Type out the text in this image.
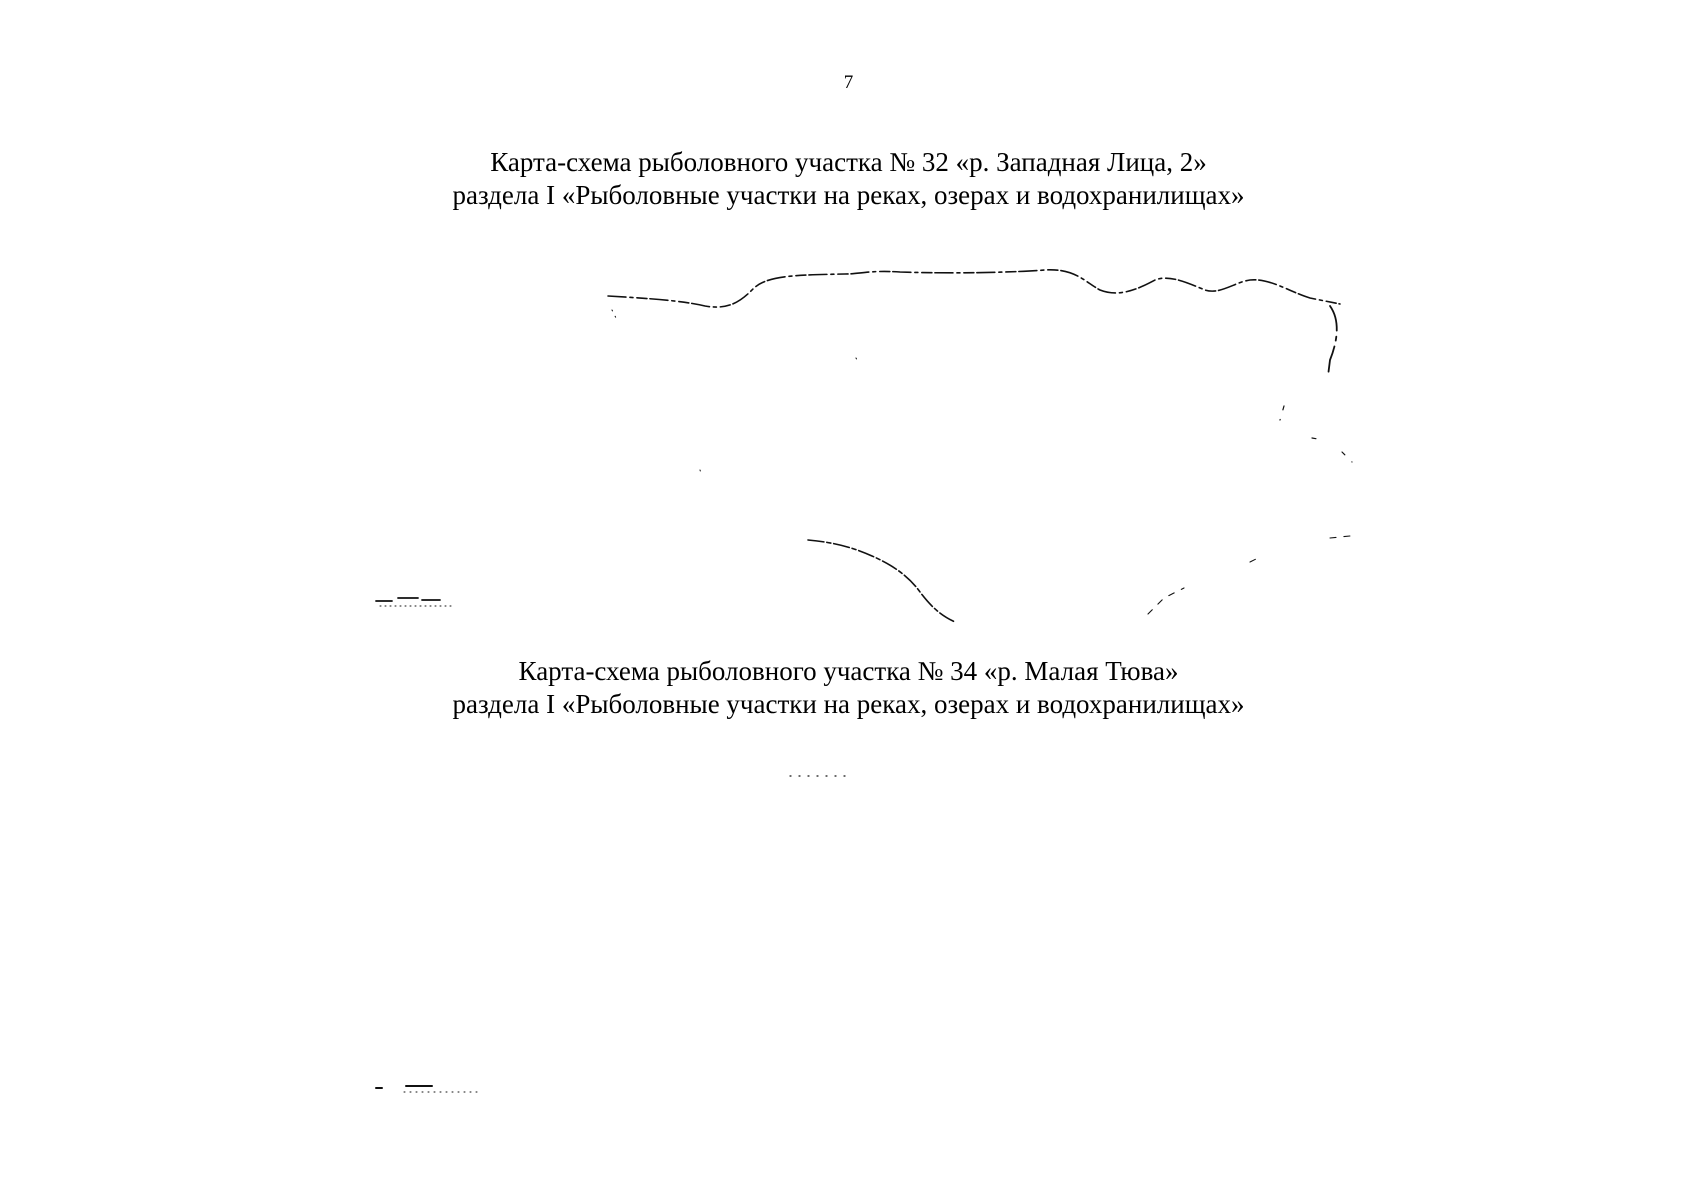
7
Карта-схема рыболовного участка № 32 «р. Западная Лица, 2»
раздела I «Рыболовные участки на реках, озерах и водохранилищах»
Карта-схема рыболовного участка № 34 «р. Малая Тюва»
раздела I «Рыболовные участки на реках, озерах и водохранилищах»
